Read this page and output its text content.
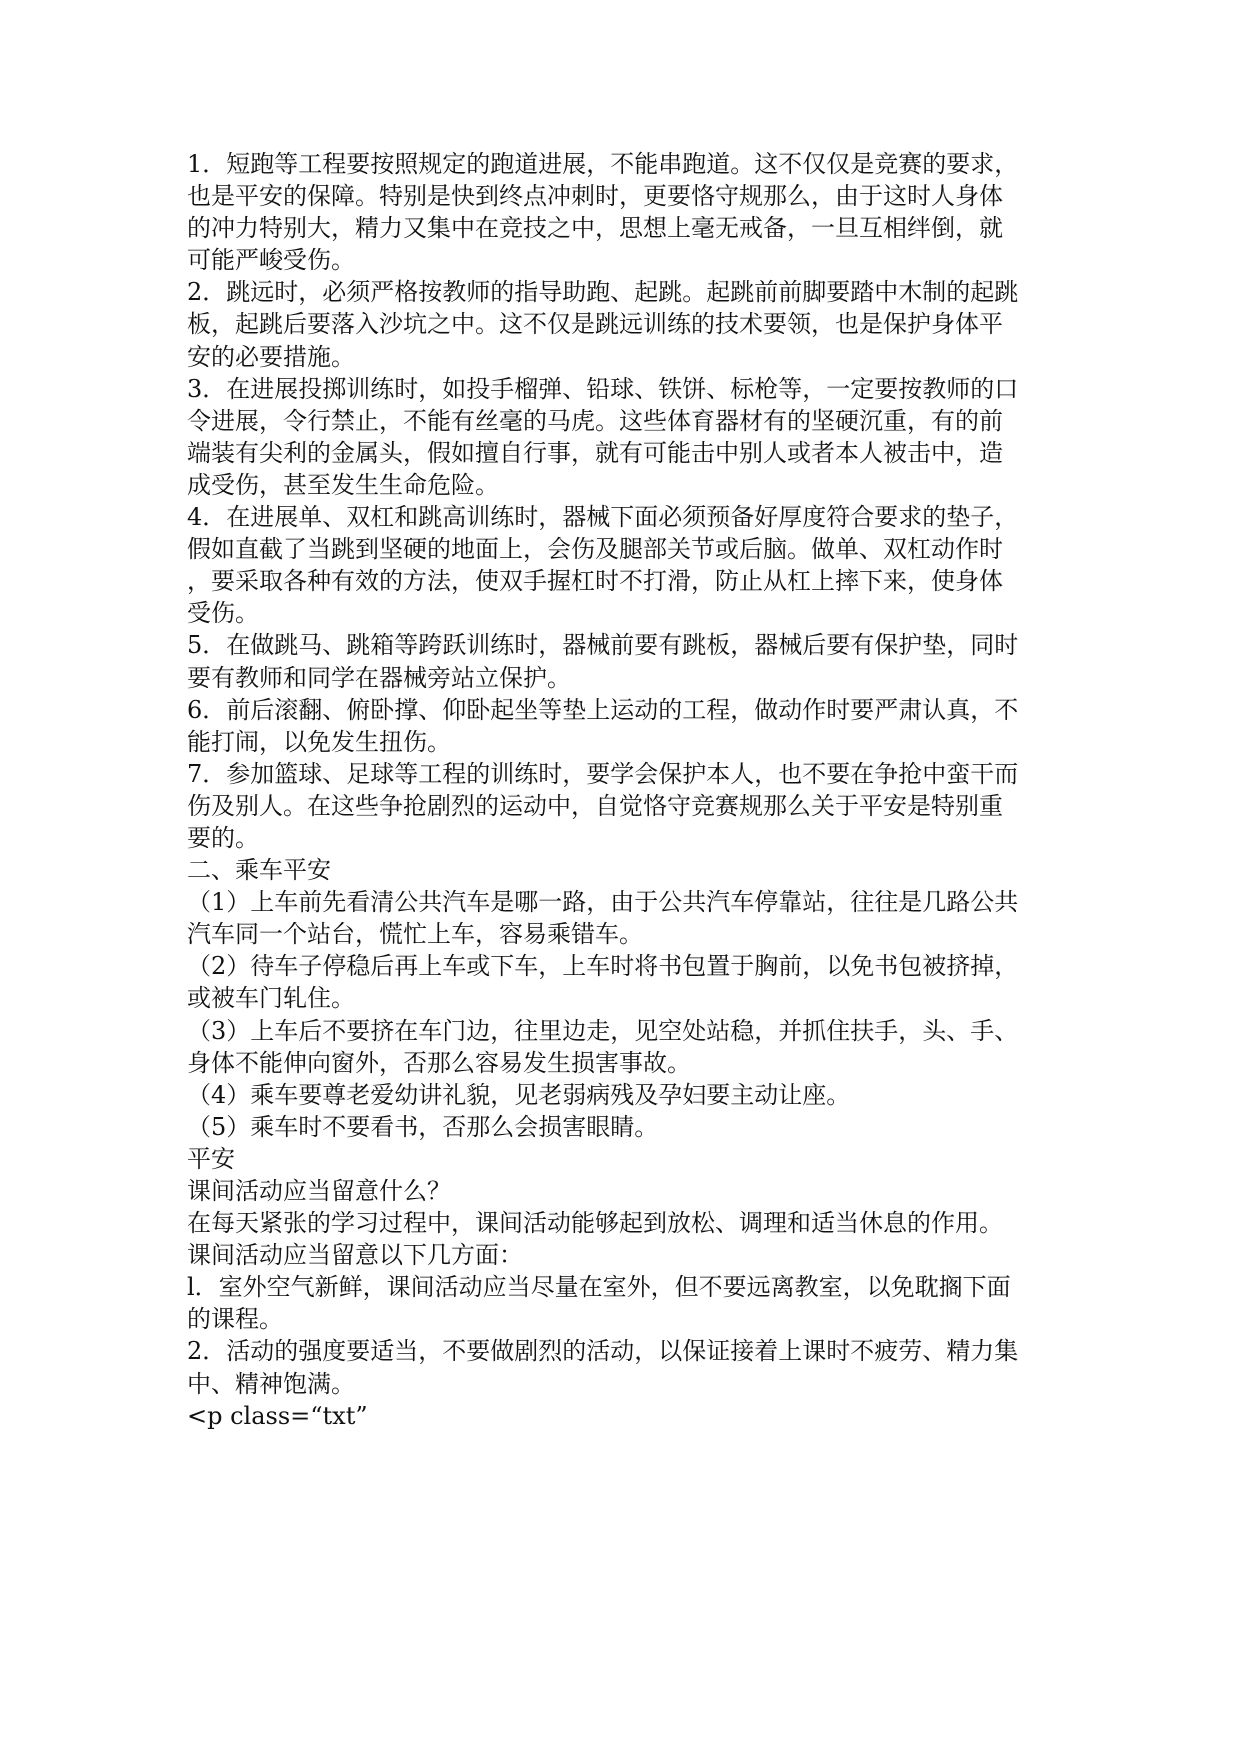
1．短跑等工程要按照规定的跑道进展，不能串跑道。这不仅仅是竞赛的要求，
也是平安的保障。特别是快到终点冲刺时，更要恪守规那么，由于这时人身体
的冲力特别大，精力又集中在竞技之中，思想上毫无戒备，一旦互相绊倒，就
可能严峻受伤。
2．跳远时，必须严格按教师的指导助跑、起跳。起跳前前脚要踏中木制的起跳
板，起跳后要落入沙坑之中。这不仅是跳远训练的技术要领，也是保护身体平
安的必要措施。
3．在进展投掷训练时，如投手榴弹、铅球、铁饼、标枪等，一定要按教师的口
令进展，令行禁止，不能有丝毫的马虎。这些体育器材有的坚硬沉重，有的前
端装有尖利的金属头，假如擅自行事，就有可能击中别人或者本人被击中，造
成受伤，甚至发生生命危险。
4．在进展单、双杠和跳高训练时，器械下面必须预备好厚度符合要求的垫子，
假如直截了当跳到坚硬的地面上，会伤及腿部关节或后脑。做单、双杠动作时
，要采取各种有效的方法，使双手握杠时不打滑，防止从杠上摔下来，使身体
受伤。
5．在做跳马、跳箱等跨跃训练时，器械前要有跳板，器械后要有保护垫，同时
要有教师和同学在器械旁站立保护。
6．前后滚翻、俯卧撑、仰卧起坐等垫上运动的工程，做动作时要严肃认真，不
能打闹，以免发生扭伤。
7．参加篮球、足球等工程的训练时，要学会保护本人，也不要在争抢中蛮干而
伤及别人。在这些争抢剧烈的运动中，自觉恪守竞赛规那么关于平安是特别重
要的。
二、乘车平安
（1）上车前先看清公共汽车是哪一路，由于公共汽车停靠站，往往是几路公共
汽车同一个站台，慌忙上车，容易乘错车。
（2）待车子停稳后再上车或下车，上车时将书包置于胸前，以免书包被挤掉，
或被车门轧住。
（3）上车后不要挤在车门边，往里边走，见空处站稳，并抓住扶手，头、手、
身体不能伸向窗外，否那么容易发生损害事故。
（4）乘车要尊老爱幼讲礼貌，见老弱病残及孕妇要主动让座。
（5）乘车时不要看书，否那么会损害眼睛。
平安
课间活动应当留意什么？
在每天紧张的学习过程中，课间活动能够起到放松、调理和适当休息的作用。
课间活动应当留意以下几方面：
l．室外空气新鲜，课间活动应当尽量在室外，但不要远离教室，以免耽搁下面
的课程。
2．活动的强度要适当，不要做剧烈的活动，以保证接着上课时不疲劳、精力集
中、精神饱满。
<p class=“txt”
